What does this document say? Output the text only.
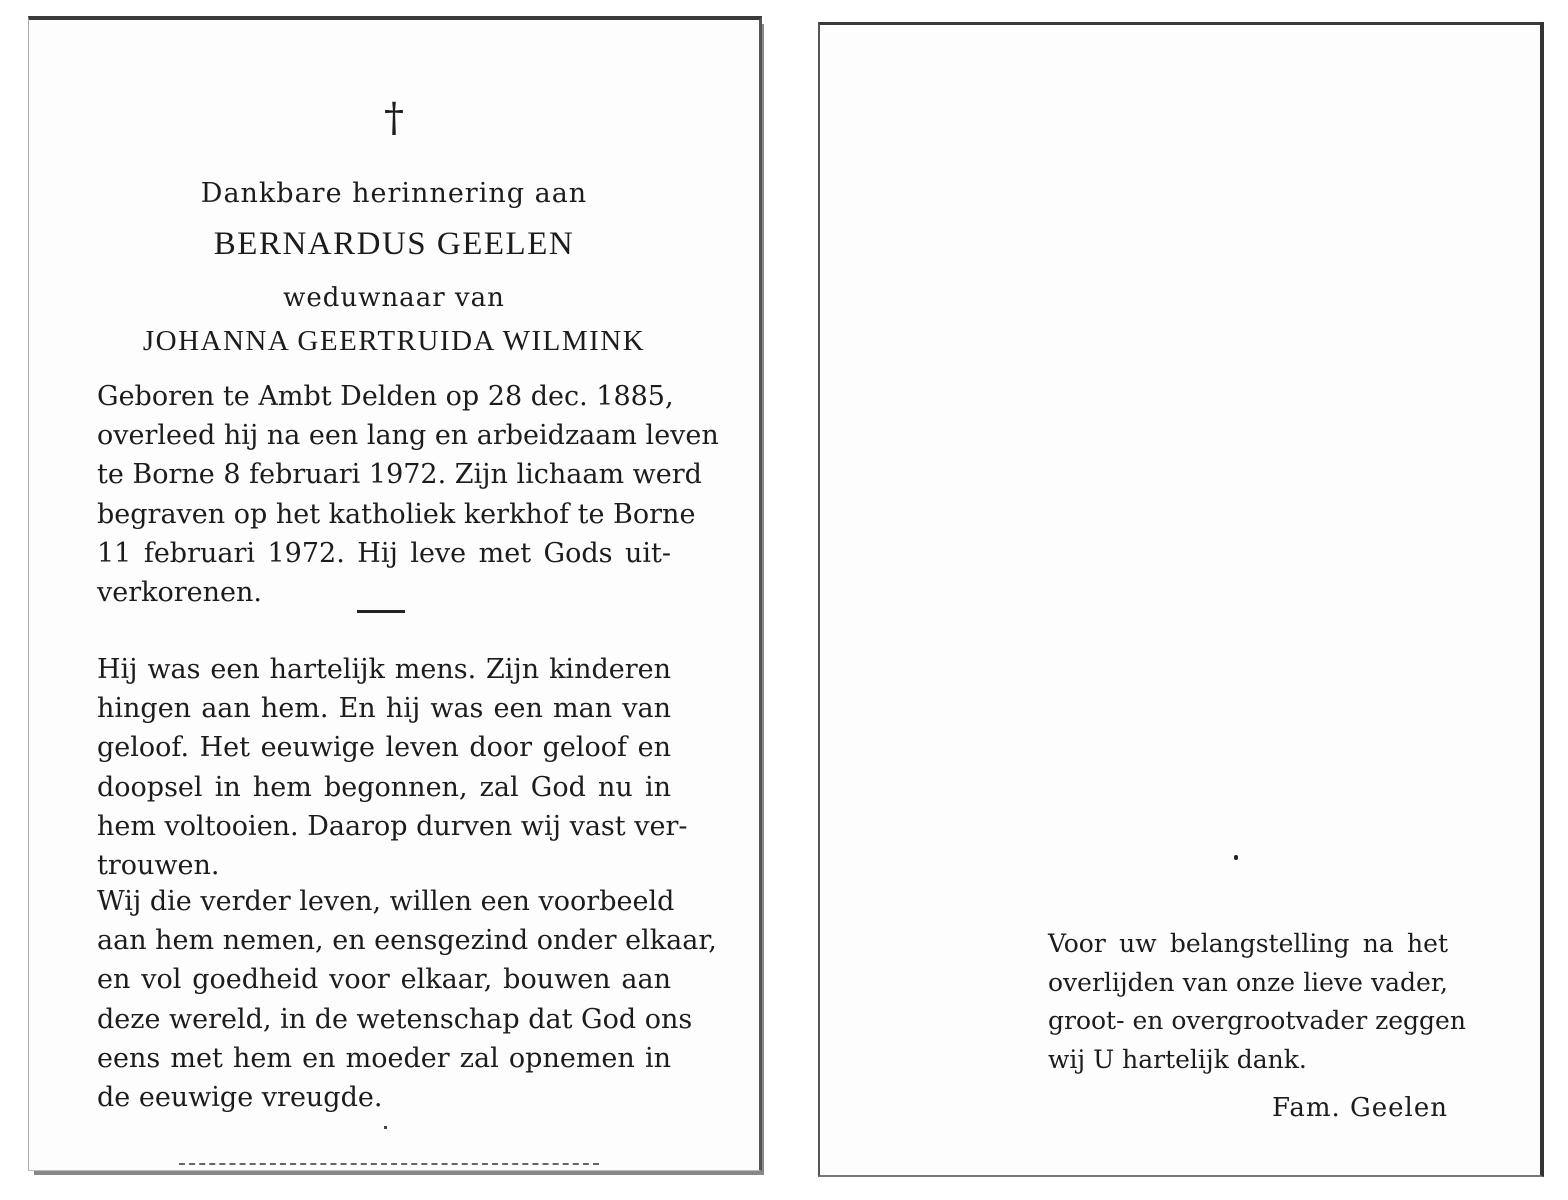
†
Dankbare herinnering aan
BERNARDUS GEELEN
weduwnaar van
JOHANNA GEERTRUIDA WILMINK
Geboren te Ambt Delden op 28 dec. 1885,
overleed hij na een lang en arbeidzaam leven
te Borne 8 februari 1972. Zijn lichaam werd
begraven op het katholiek kerkhof te Borne
11 februari 1972. Hij leve met Gods uit-
verkorenen.
Hij was een hartelijk mens. Zijn kinderen
hingen aan hem. En hij was een man van
geloof. Het eeuwige leven door geloof en
doopsel in hem begonnen, zal God nu in
hem voltooien. Daarop durven wij vast ver-
trouwen.
Wij die verder leven, willen een voorbeeld
aan hem nemen, en eensgezind onder elkaar,
en vol goedheid voor elkaar, bouwen aan
deze wereld, in de wetenschap dat God ons
eens met hem en moeder zal opnemen in
de eeuwige vreugde.
Voor uw belangstelling na het
overlijden van onze lieve vader,
groot- en overgrootvader zeggen
wij U hartelijk dank.
Fam. Geelen
